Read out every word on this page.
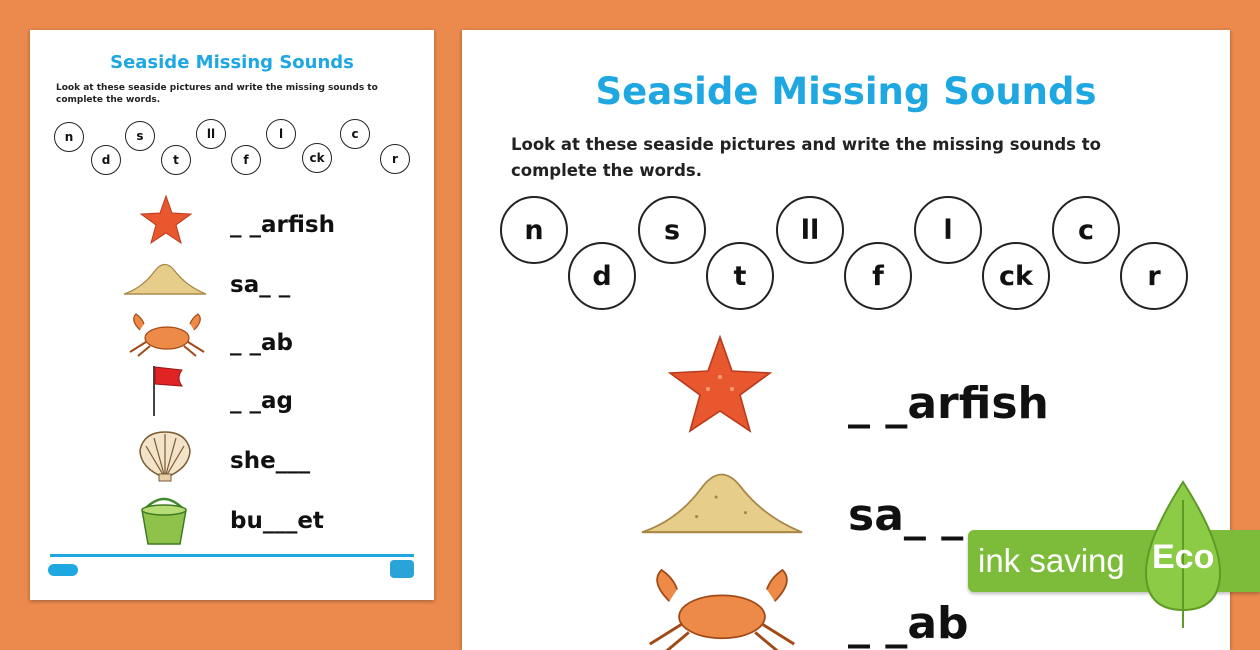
Seaside Missing Sounds
Look at these seaside pictures and write the missing sounds to complete the words.
n
d
s
t
ll
f
l
ck
c
r
_ _arfish
sa_ _
_ _ab
_ _ag
she___
bu___et
Seaside Missing Sounds
Look at these seaside pictures and write the missing sounds to complete the words.
n
d
s
t
ll
f
l
ck
c
r
_ _arfish
sa_ _
_ _ab
ink saving Eco
